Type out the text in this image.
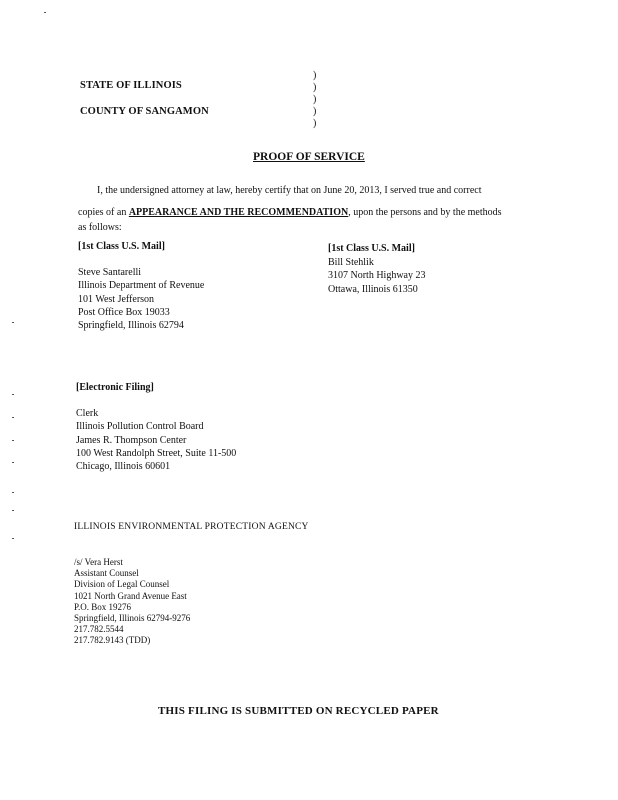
STATE OF ILLINOIS
COUNTY OF SANGAMON
)
)
)
)
)
PROOF OF SERVICE
I, the undersigned attorney at law, hereby certify that on June 20, 2013, I served true and correct
copies of an APPEARANCE AND THE RECOMMENDATION, upon the persons and by the methods
as follows:
[1st Class U.S. Mail]
Steve Santarelli
Illinois Department of Revenue
101 West Jefferson
Post Office Box 19033
Springfield, Illinois 62794
[1st Class U.S. Mail]
Bill Stehlik
3107 North Highway 23
Ottawa, Illinois 61350
[Electronic Filing]
Clerk
Illinois Pollution Control Board
James R. Thompson Center
100 West Randolph Street, Suite 11-500
Chicago, Illinois 60601
ILLINOIS ENVIRONMENTAL PROTECTION AGENCY
/s/ Vera Herst
Assistant Counsel
Division of Legal Counsel
1021 North Grand Avenue East
P.O. Box 19276
Springfield, Illinois 62794-9276
217.782.5544
217.782.9143 (TDD)
THIS FILING IS SUBMITTED ON RECYCLED PAPER
